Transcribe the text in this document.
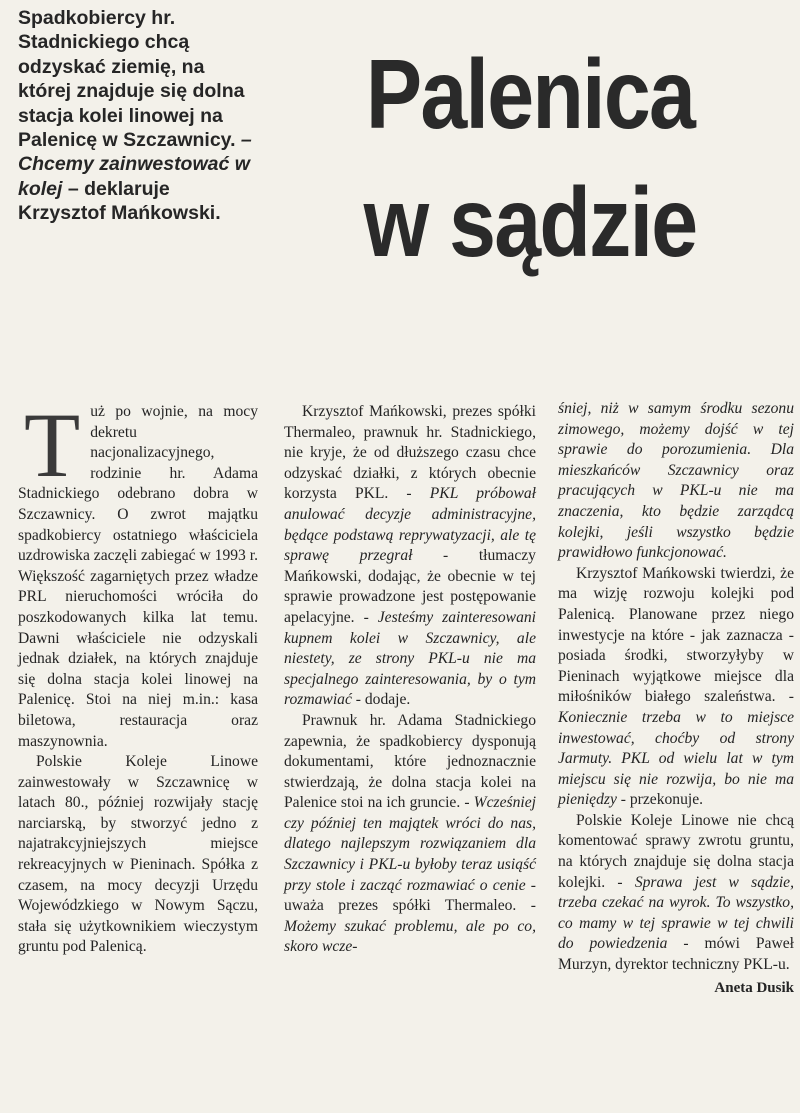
Spadkobiercy hr. Stadnickiego chcą odzyskać ziemię, na której znajduje się dolna stacja kolei linowej na Palenicę w Szczawnicy. – Chcemy zainwestować w kolej – deklaruje Krzysztof Mańkowski.
Palenica
w sądzie

Tuż po wojnie, na mocy dekretu nacjonalizacyjnego, rodzinie hr. Adama Stadnickiego odebrano dobra w Szczawnicy. O zwrot majątku spadkobiercy ostatniego właściciela uzdrowiska zaczęli zabiegać w 1993 r. Większość zagarniętych przez władze PRL nieruchomości wróciła do poszkodowanych kilka lat temu. Dawni właściciele nie odzyskali jednak działek, na których znajduje się dolna stacja kolei linowej na Palenicę. Stoi na niej m.in.: kasa biletowa, restauracja oraz maszynownia.

Polskie Koleje Linowe zainwestowały w Szczawnicę w latach 80., później rozwijały stację narciarską, by stworzyć jedno z najatrakcyjniejszych miejsce rekreacyjnych w Pieninach. Spółka z czasem, na mocy decyzji Urzędu Wojewódzkiego w Nowym Sączu, stała się użytkownikiem wieczystym gruntu pod Palenicą.

Krzysztof Mańkowski, prezes spółki Thermaleo, prawnuk hr. Stadnickiego, nie kryje, że od dłuższego czasu chce odzyskać działki, z których obecnie korzysta PKL. - PKL próbował anulować decyzje administracyjne, będące podstawą reprywatyzacji, ale tę sprawę przegrał - tłumaczy Mańkowski, dodając, że obecnie w tej sprawie prowadzone jest postępowanie apelacyjne. - Jesteśmy zainteresowani kupnem kolei w Szczawnicy, ale niestety, ze strony PKL-u nie ma specjalnego zainteresowania, by o tym rozmawiać - dodaje.

Prawnuk hr. Adama Stadnickiego zapewnia, że spadkobiercy dysponują dokumentami, które jednoznacznie stwierdzają, że dolna stacja kolei na Palenice stoi na ich gruncie. - Wcześniej czy później ten majątek wróci do nas, dlatego najlepszym rozwiązaniem dla Szczawnicy i PKL-u byłoby teraz usiąść przy stole i zacząć rozmawiać o cenie - uważa prezes spółki Thermaleo. - Możemy szukać problemu, ale po co, skoro wcze-

śniej, niż w samym środku sezonu zimowego, możemy dojść w tej sprawie do porozumienia. Dla mieszkańców Szczawnicy oraz pracujących w PKL-u nie ma znaczenia, kto będzie zarządcą kolejki, jeśli wszystko będzie prawidłowo funkcjonować.

Krzysztof Mańkowski twierdzi, że ma wizję rozwoju kolejki pod Palenicą. Planowane przez niego inwestycje na które - jak zaznacza - posiada środki, stworzyłyby w Pieninach wyjątkowe miejsce dla miłośników białego szaleństwa. - Koniecznie trzeba w to miejsce inwestować, choćby od strony Jarmuty. PKL od wielu lat w tym miejscu się nie rozwija, bo nie ma pieniędzy - przekonuje.

Polskie Koleje Linowe nie chcą komentować sprawy zwrotu gruntu, na których znajduje się dolna stacja kolejki. - Sprawa jest w sądzie, trzeba czekać na wyrok. To wszystko, co mamy w tej sprawie w tej chwili do powiedzenia - mówi Paweł Murzyn, dyrektor techniczny PKL-u.

Aneta Dusik
